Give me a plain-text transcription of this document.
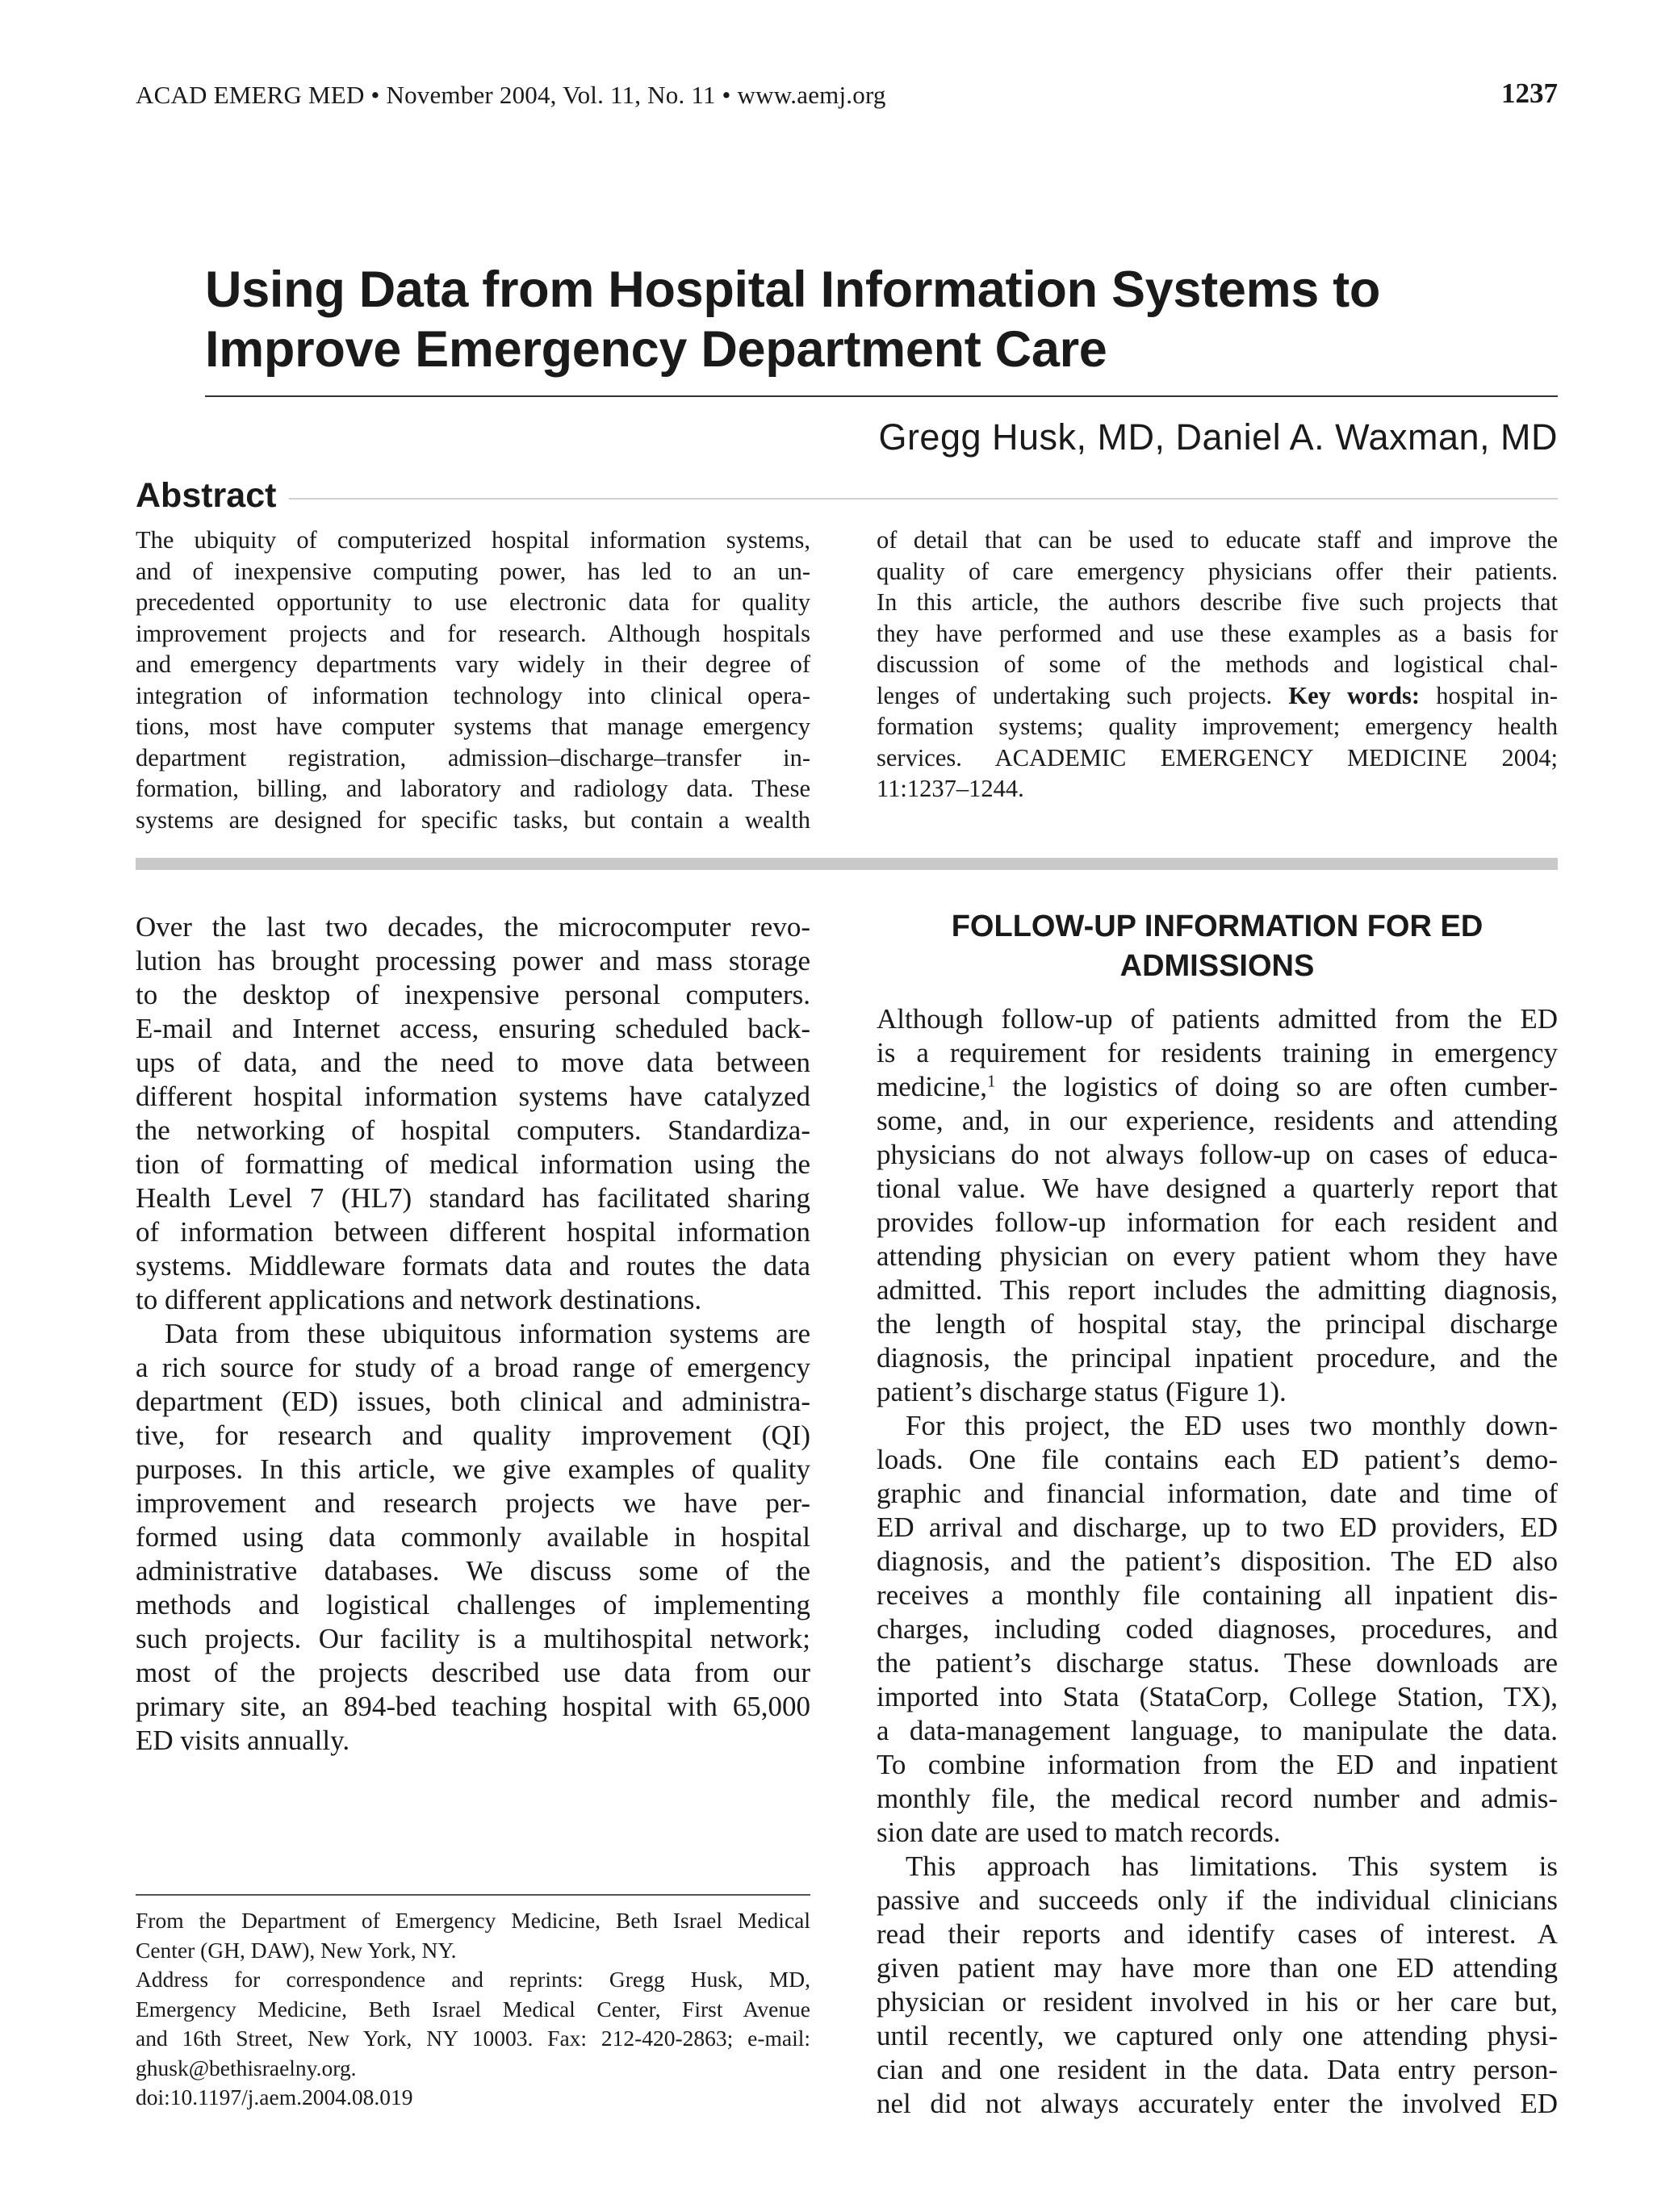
ACAD EMERG MED • November 2004, Vol. 11, No. 11 • www.aemj.org	1237
Using Data from Hospital Information Systems to
Improve Emergency Department Care
Gregg Husk, MD, Daniel A. Waxman, MD
Abstract
The ubiquity of computerized hospital information systems,
and of inexpensive computing power, has led to an un-
precedented opportunity to use electronic data for quality
improvement projects and for research. Although hospitals
and emergency departments vary widely in their degree of
integration of information technology into clinical opera-
tions, most have computer systems that manage emergency
department registration, admission–discharge–transfer in-
formation, billing, and laboratory and radiology data. These
systems are designed for specific tasks, but contain a wealth
of detail that can be used to educate staff and improve the
quality of care emergency physicians offer their patients.
In this article, the authors describe five such projects that
they have performed and use these examples as a basis for
discussion of some of the methods and logistical chal-
lenges of undertaking such projects. Key words: hospital in-
formation systems; quality improvement; emergency health
services. ACADEMIC EMERGENCY MEDICINE 2004;
11:1237–1244.
Over the last two decades, the microcomputer revo-
lution has brought processing power and mass storage
to the desktop of inexpensive personal computers.
E-mail and Internet access, ensuring scheduled back-
ups of data, and the need to move data between
different hospital information systems have catalyzed
the networking of hospital computers. Standardiza-
tion of formatting of medical information using the
Health Level 7 (HL7) standard has facilitated sharing
of information between different hospital information
systems. Middleware formats data and routes the data
to different applications and network destinations.
Data from these ubiquitous information systems are
a rich source for study of a broad range of emergency
department (ED) issues, both clinical and administra-
tive, for research and quality improvement (QI)
purposes. In this article, we give examples of quality
improvement and research projects we have per-
formed using data commonly available in hospital
administrative databases. We discuss some of the
methods and logistical challenges of implementing
such projects. Our facility is a multihospital network;
most of the projects described use data from our
primary site, an 894-bed teaching hospital with 65,000
ED visits annually.
FOLLOW-UP INFORMATION FOR ED
ADMISSIONS
Although follow-up of patients admitted from the ED
is a requirement for residents training in emergency
medicine,$^1$ the logistics of doing so are often cumber-
some, and, in our experience, residents and attending
physicians do not always follow-up on cases of educa-
tional value. We have designed a quarterly report that
provides follow-up information for each resident and
attending physician on every patient whom they have
admitted. This report includes the admitting diagnosis,
the length of hospital stay, the principal discharge
diagnosis, the principal inpatient procedure, and the
patient’s discharge status (Figure 1).
For this project, the ED uses two monthly down-
loads. One file contains each ED patient’s demo-
graphic and financial information, date and time of
ED arrival and discharge, up to two ED providers, ED
diagnosis, and the patient’s disposition. The ED also
receives a monthly file containing all inpatient dis-
charges, including coded diagnoses, procedures, and
the patient’s discharge status. These downloads are
imported into Stata (StataCorp, College Station, TX),
a data-management language, to manipulate the data.
To combine information from the ED and inpatient
monthly file, the medical record number and admis-
sion date are used to match records.
This approach has limitations. This system is
passive and succeeds only if the individual clinicians
read their reports and identify cases of interest. A
given patient may have more than one ED attending
physician or resident involved in his or her care but,
until recently, we captured only one attending physi-
cian and one resident in the data. Data entry person-
nel did not always accurately enter the involved ED
From the Department of Emergency Medicine, Beth Israel Medical
Center (GH, DAW), New York, NY.
Address for correspondence and reprints: Gregg Husk, MD,
Emergency Medicine, Beth Israel Medical Center, First Avenue
and 16th Street, New York, NY 10003. Fax: 212-420-2863; e-mail:
ghusk@bethisraelny.org.
doi:10.1197/j.aem.2004.08.019
